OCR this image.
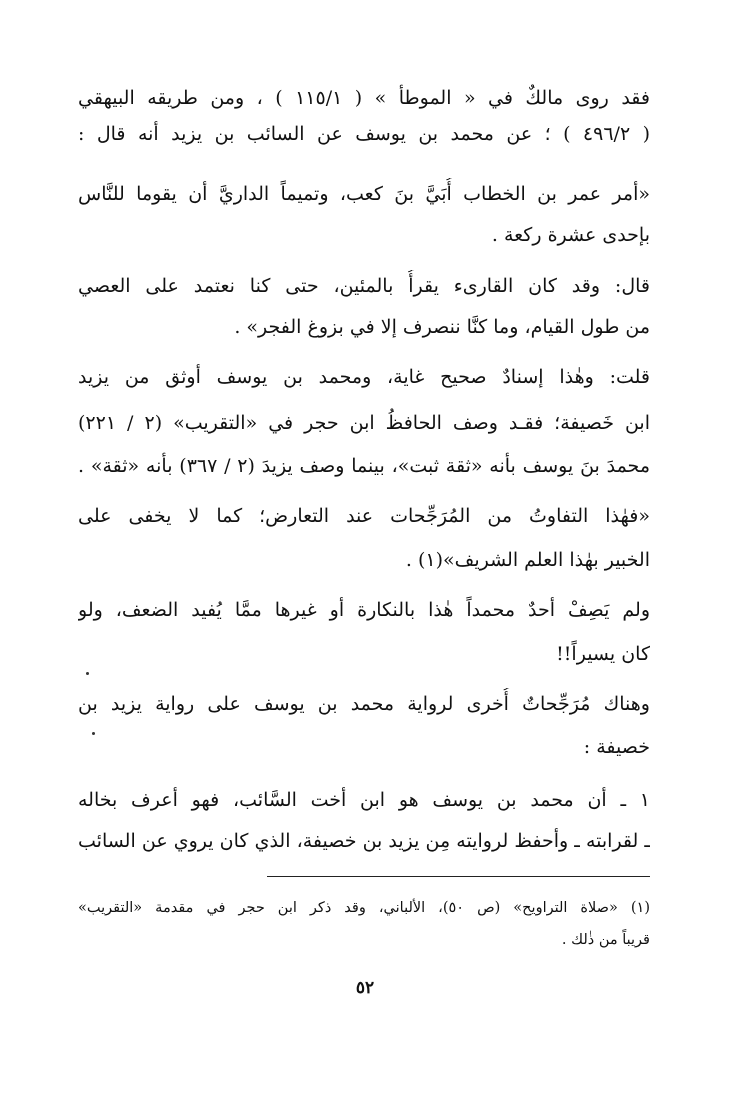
فقد روى مالكٌ في « الموطأ » ( ١١٥/١ ) ، ومن طريقه البيهقي
( ٤٩٦/٢ ) ؛ عن محمد بن يوسف عن السائب بن يزيد أنه قال :
«أمر عمر بن الخطاب أُبَيَّ بنَ كعب، وتميماً الداريَّ أن يقوما للنَّاس
بإحدى عشرة ركعة .
قال: وقد كان القارىء يقرأُ بالمئين، حتى كنا نعتمد على العصي
من طول القيام، وما كنَّا ننصرف إلا في بزوغ الفجر» .
قلت: وهٰذا إسنادٌ صحيح غاية، ومحمد بن يوسف أوثق من يزيد
ابن خَصيفة؛ فقـد وصف الحافظُ ابن حجر في «التقريب» (٢ / ٢٢١)
محمدَ بنَ يوسف بأنه «ثقة ثبت»، بينما وصف يزيدَ (٢ / ٣٦٧) بأنه «ثقة» .
«فهٰذا التفاوتُ من المُرَجِّحات عند التعارض؛ كما لا يخفى على
الخبير بهٰذا العلم الشريف»(١) .
ولم يَصِفْ أحدٌ محمداً هٰذا بالنكارة أو غيرها ممَّا يُفيد الضعف، ولو
كان يسيراً!!
وهناك مُرَجِّحاتٌ أُخرى لرواية محمد بن يوسف على رواية يزيد بن
خصيفة :
١ ـ أن محمد بن يوسف هو ابن أخت السَّائب، فهو أعرف بخاله
ـ لقرابته ـ وأحفظ لروايته مِن يزيد بن خصيفة، الذي كان يروي عن السائب
(١) «صلاة التراويح» (ص ٥٠)، الألباني، وقد ذكر ابن حجر في مقدمة «التقريب»
قريباً من ذٰلك .
٥٢
